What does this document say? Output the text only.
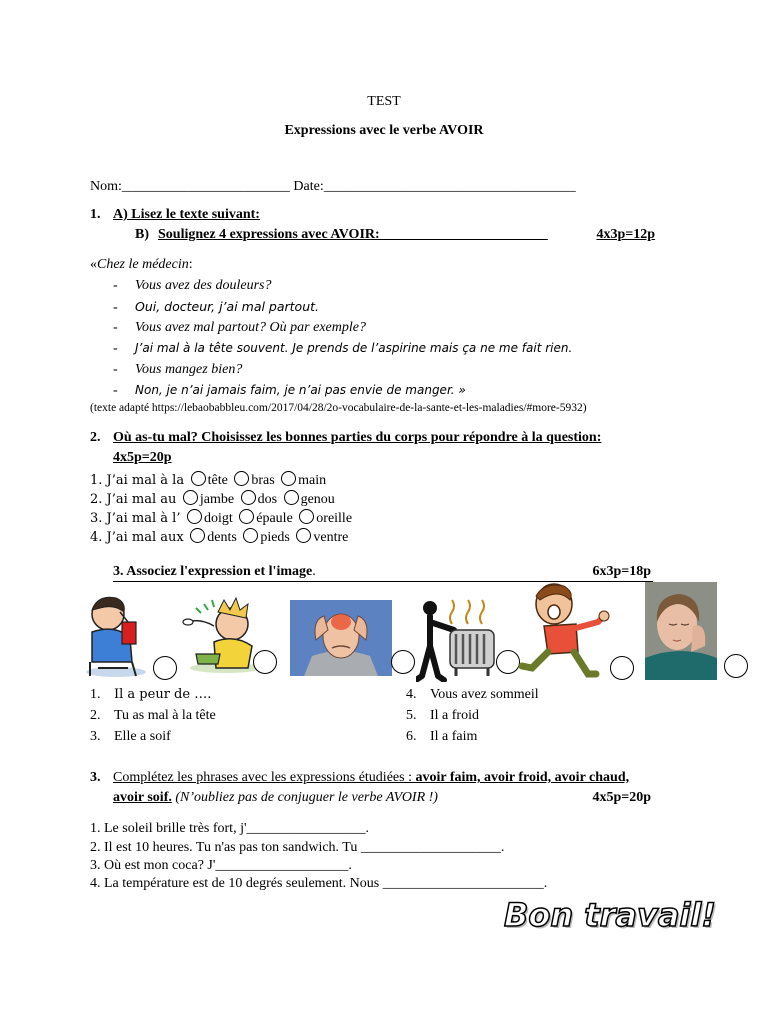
TEST
Expressions avec le verbe AVOIR
Nom:________________________ Date:____________________________________
1. A) Lisez le texte suivant:
B) Soulignez 4 expressions avec AVOIR:________________________	4x3p=12p
«Chez le médecin:
- Vous avez des douleurs?
- Oui, docteur, j’ai mal partout.
- Vous avez mal partout? Où par exemple?
- J’ai mal à la tête souvent. Je prends de l’aspirine mais ça ne me fait rien.
- Vous mangez bien?
- Non, je n’ai jamais faim, je n’ai pas envie de manger. »
(texte adapté https://lebaobabbleu.com/2017/04/28/2o-vocabulaire-de-la-sante-et-les-maladies/#more-5932)
2. Où as-tu mal? Choisissez les bonnes parties du corps pour répondre à la question:
4x5p=20p
1. J’ai mal à la tête bras main
2. J’ai mal au jambe dos genou
3. J’ai mal à l’ doigt épaule oreille
4. J’ai mal aux dents pieds ventre
3. Associez l'expression et l'image.	6x3p=18p
1. Il a peur de ….
2. Tu as mal à la tête
3. Elle a soif
4. Vous avez sommeil
5. Il a froid
6. Il a faim
3. Complétez les phrases avec les expressions étudiées : avoir faim, avoir froid, avoir chaud,
avoir soif. (N’oubliez pas de conjuguer le verbe AVOIR !)	4x5p=20p
1. Le soleil brille très fort, j'_________________.
2. Il est 10 heures. Tu n'as pas ton sandwich. Tu ____________________.
3. Où est mon coca? J'___________________.
4. La température est de 10 degrés seulement. Nous _______________________.
Bon travail!
